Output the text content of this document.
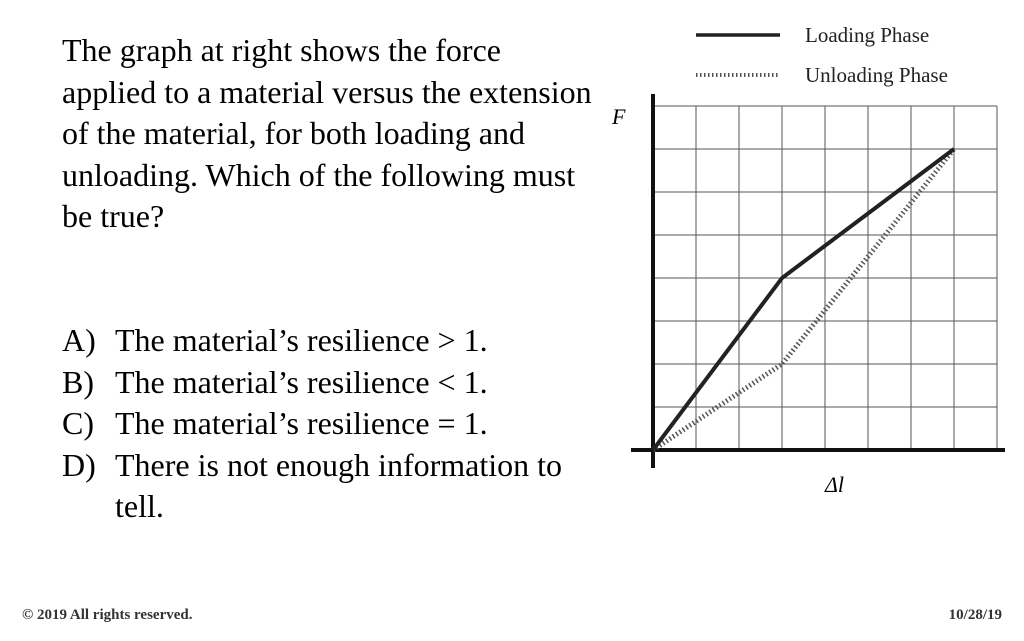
The graph at right shows the force applied to a material versus the extension of the material, for both loading and unloading. Which of the following must be true?
A) The material’s resilience > 1.
B) The material’s resilience < 1.
C) The material’s resilience = 1.
D) There is not enough information to tell.
Loading Phase
Unloading Phase
F
Δl
© 2019 All rights reserved.	10/28/19
